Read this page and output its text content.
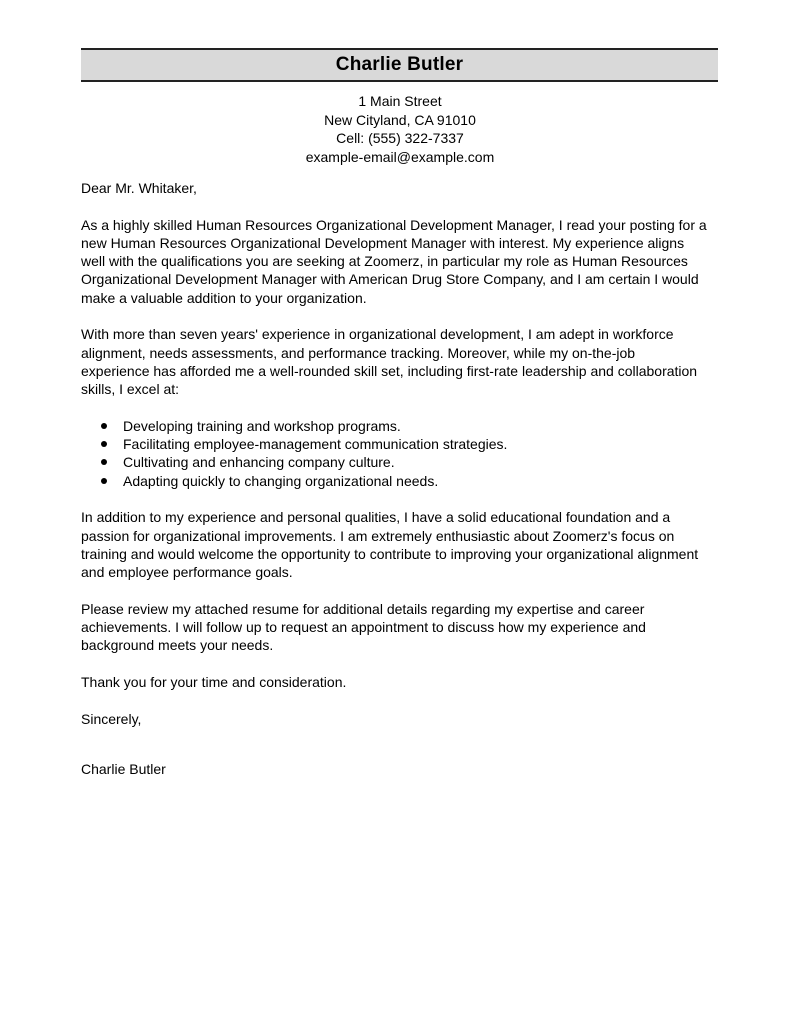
Charlie Butler
1 Main Street
New Cityland, CA 91010
Cell: (555) 322-7337
example-email@example.com

Dear Mr. Whitaker,

As a highly skilled Human Resources Organizational Development Manager, I read your posting for a
new Human Resources Organizational Development Manager with interest. My experience aligns
well with the qualifications you are seeking at Zoomerz, in particular my role as Human Resources
Organizational Development Manager with American Drug Store Company, and I am certain I would
make a valuable addition to your organization.

With more than seven years' experience in organizational development, I am adept in workforce
alignment, needs assessments, and performance tracking. Moreover, while my on-the-job
experience has afforded me a well-rounded skill set, including first-rate leadership and collaboration
skills, I excel at:

Developing training and workshop programs.
Facilitating employee-management communication strategies.
Cultivating and enhancing company culture.
Adapting quickly to changing organizational needs.

In addition to my experience and personal qualities, I have a solid educational foundation and a
passion for organizational improvements. I am extremely enthusiastic about Zoomerz's focus on
training and would welcome the opportunity to contribute to improving your organizational alignment
and employee performance goals.

Please review my attached resume for additional details regarding my expertise and career
achievements. I will follow up to request an appointment to discuss how my experience and
background meets your needs.

Thank you for your time and consideration.

Sincerely,
Charlie Butler
